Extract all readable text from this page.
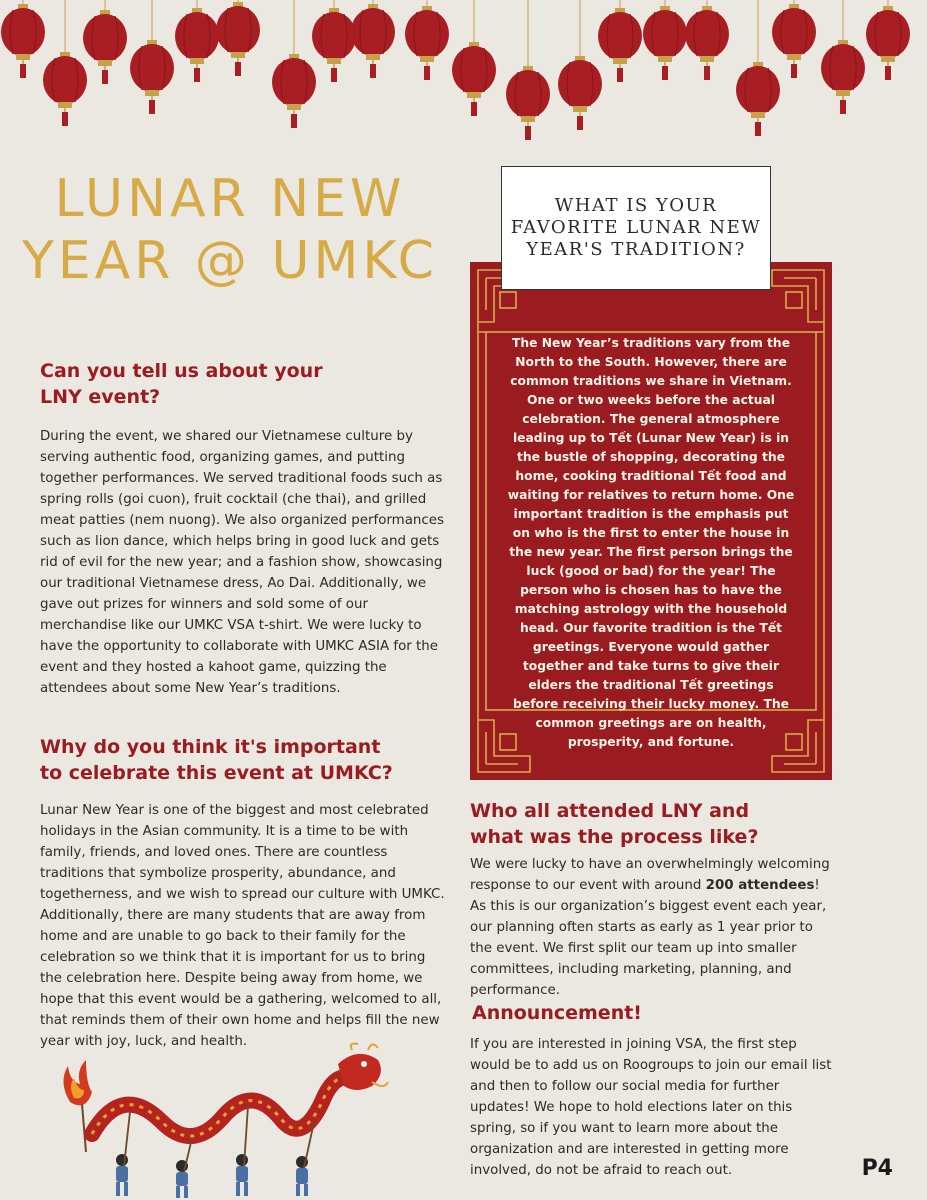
LUNAR NEW YEAR @ UMKC
Can you tell us about your LNY event?

During the event, we shared our Vietnamese culture by serving authentic food, organizing games, and putting together performances. We served traditional foods such as spring rolls (goi cuon), fruit cocktail (che thai), and grilled meat patties (nem nuong). We also organized performances such as lion dance, which helps bring in good luck and gets rid of evil for the new year; and a fashion show, showcasing our traditional Vietnamese dress, Ao Dai. Additionally, we gave out prizes for winners and sold some of our merchandise like our UMKC VSA t-shirt. We were lucky to have the opportunity to collaborate with UMKC ASIA for the event and they hosted a kahoot game, quizzing the attendees about some New Year’s traditions.

Why do you think it's important to celebrate this event at UMKC?

Lunar New Year is one of the biggest and most celebrated holidays in the Asian community. It is a time to be with family, friends, and loved ones. There are countless traditions that symbolize prosperity, abundance, and togetherness, and we wish to spread our culture with UMKC. Additionally, there are many students that are away from home and are unable to go back to their family for the celebration so we think that it is important for us to bring the celebration here. Despite being away from home, we hope that this event would be a gathering, welcomed to all, that reminds them of their own home and helps fill the new year with joy, luck, and health.

The New Year’s traditions vary from the North to the South. However, there are common traditions we share in Vietnam. One or two weeks before the actual celebration. The general atmosphere leading up to Tết (Lunar New Year) is in the bustle of shopping, decorating the home, cooking traditional Tết food and waiting for relatives to return home. One important tradition is the emphasis put on who is the first to enter the house in the new year. The first person brings the luck (good or bad) for the year! The person who is chosen has to have the matching astrology with the household head. Our favorite tradition is the Tết greetings. Everyone would gather together and take turns to give their elders the traditional Tết greetings before receiving their lucky money. The common greetings are on health, prosperity, and fortune.

WHAT IS YOUR FAVORITE LUNAR NEW YEAR'S TRADITION?
Who all attended LNY and what was the process like?

We were lucky to have an overwhelmingly welcoming response to our event with around 200 attendees! As this is our organization’s biggest event each year, our planning often starts as early as 1 year prior to the event. We first split our team up into smaller committees, including marketing, planning, and performance.

Announcement!

If you are interested in joining VSA, the first step would be to add us on Roogroups to join our email list and then to follow our social media for further updates! We hope to hold elections later on this spring, so if you want to learn more about the organization and are interested in getting more involved, do not be afraid to reach out.	P4
